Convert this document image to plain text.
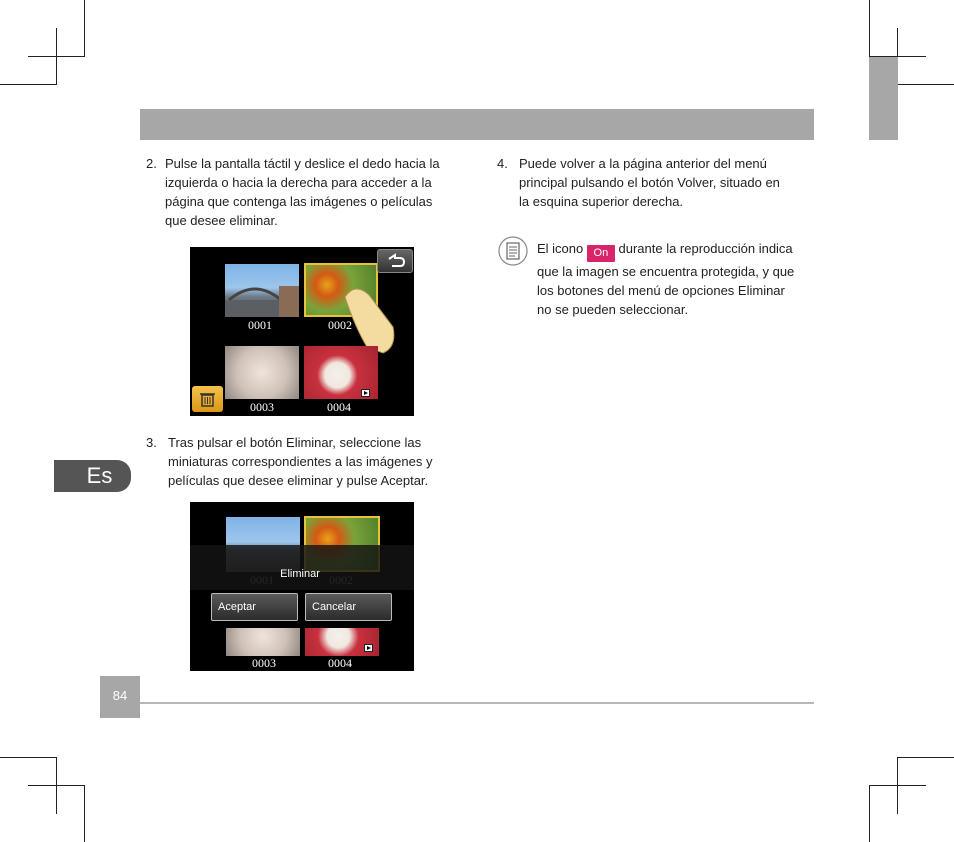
Es
2. Pulse la pantalla táctil y deslice el dedo hacia la
izquierda o hacia la derecha para acceder a la
página que contenga las imágenes o películas
que desee eliminar.
0001	0002
0003	0004
3. Tras pulsar el botón Eliminar, seleccione las
miniaturas correspondientes a las imágenes y
películas que desee eliminar y pulse Aceptar.
0003	0004
Eliminar
Aceptar	Cancelar
4. Puede volver a la página anterior del menú
principal pulsando el botón Volver, situado en
la esquina superior derecha.
El icono On durante la reproducción indica
que la imagen se encuentra protegida, y que
los botones del menú de opciones Eliminar
no se pueden seleccionar.
84
